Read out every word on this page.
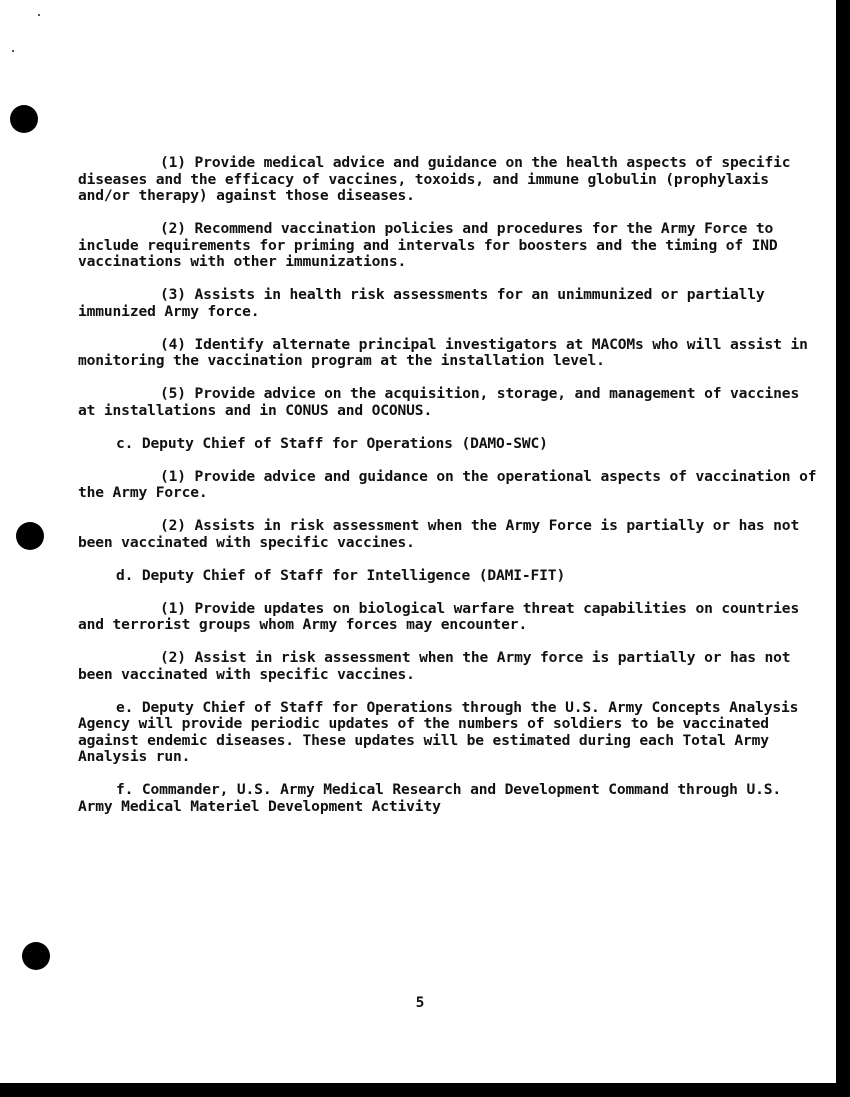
(1) Provide medical advice and guidance on the health aspects of specific diseases and the efficacy of vaccines, toxoids, and immune globulin (prophylaxis and/or therapy) against those diseases.

(2) Recommend vaccination policies and procedures for the Army Force to include requirements for priming and intervals for boosters and the timing of IND vaccinations with other immunizations.

(3) Assists in health risk assessments for an unimmunized or partially immunized Army force.

(4) Identify alternate principal investigators at MACOMs who will assist in monitoring the vaccination program at the installation level.

(5) Provide advice on the acquisition, storage, and management of vaccines at installations and in CONUS and OCONUS.

c. Deputy Chief of Staff for Operations (DAMO-SWC)

(1) Provide advice and guidance on the operational aspects of vaccination of the Army Force.

(2) Assists in risk assessment when the Army Force is partially or has not been vaccinated with specific vaccines.

d. Deputy Chief of Staff for Intelligence (DAMI-FIT)

(1) Provide updates on biological warfare threat capabilities on countries and terrorist groups whom Army forces may encounter.

(2) Assist in risk assessment when the Army force is partially or has not been vaccinated with specific vaccines.

e. Deputy Chief of Staff for Operations through the U.S. Army Concepts Analysis Agency will provide periodic updates of the numbers of soldiers to be vaccinated against endemic diseases. These updates will be estimated during each Total Army Analysis run.

f. Commander, U.S. Army Medical Research and Development Command through U.S. Army Medical Materiel Development Activity

5
